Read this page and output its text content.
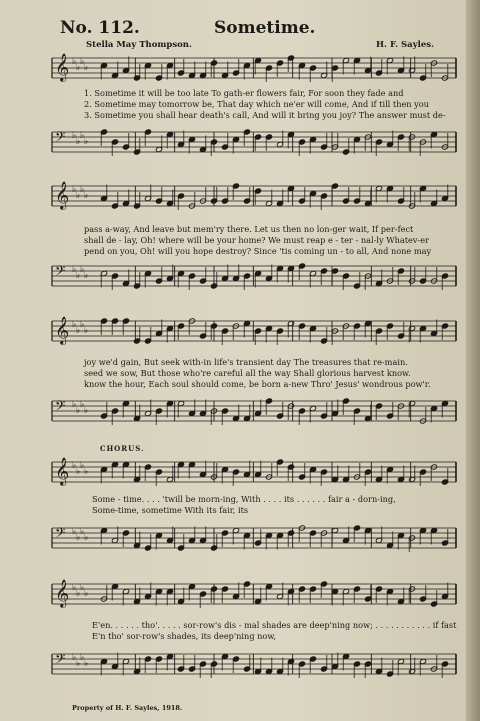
No. 112.	Sometime.
Stella May Thompson.	H. F. Sayles.
𝄞 ♭
♭
♭
♭
1. Sometime it will be too late To gath-er flowers fair, For soon they fade and
2. Sometime may tomorrow be, That day which ne'er will come, And if till then you
3. Sometime you shall hear death's call, And will it bring you joy? The answer must de-
𝄢 ♭
♭
♭
♭
𝄞 ♭
♭
♭
♭
pass a-way, And leave but mem'ry there. Let us then no lon-ger wait, If per-fect
shall de - lay, Oh! where will be your home? We must reap e - ter - nal-ly Whatev-er
pend on you, Oh! will you hope destroy? Since 'tis coming un - to all, And none may
𝄢 ♭
♭
♭
♭
𝄞 ♭
♭
♭
♭
joy we'd gain, But seek with-in life's transient day The treasures that re-main.
seed we sow, But those who're careful all the way Shall glorious harvest know.
know the hour, Each soul should come, be born a-new Thro' Jesus' wondrous pow'r.
𝄢 ♭
♭
♭
♭
CHORUS.
𝄞 ♭
♭
♭
♭
Some - time. . . . 'twill be morn-ing, With . . . . its . . . . . . fair a - dorn-ing,
Some-time, sometime With its fair, its
𝄢 ♭
♭
♭
♭
𝄞 ♭
♭
♭
♭
E'en. . . . . . tho'. . . . . sor-row's dis - mal shades are deep'ning now; . . . . . . . . . . . if fast
E'n tho' sor-row's shades, its deep'ning now,
𝄢 ♭
♭
♭
♭
Property of H. F. Sayles, 1918.
